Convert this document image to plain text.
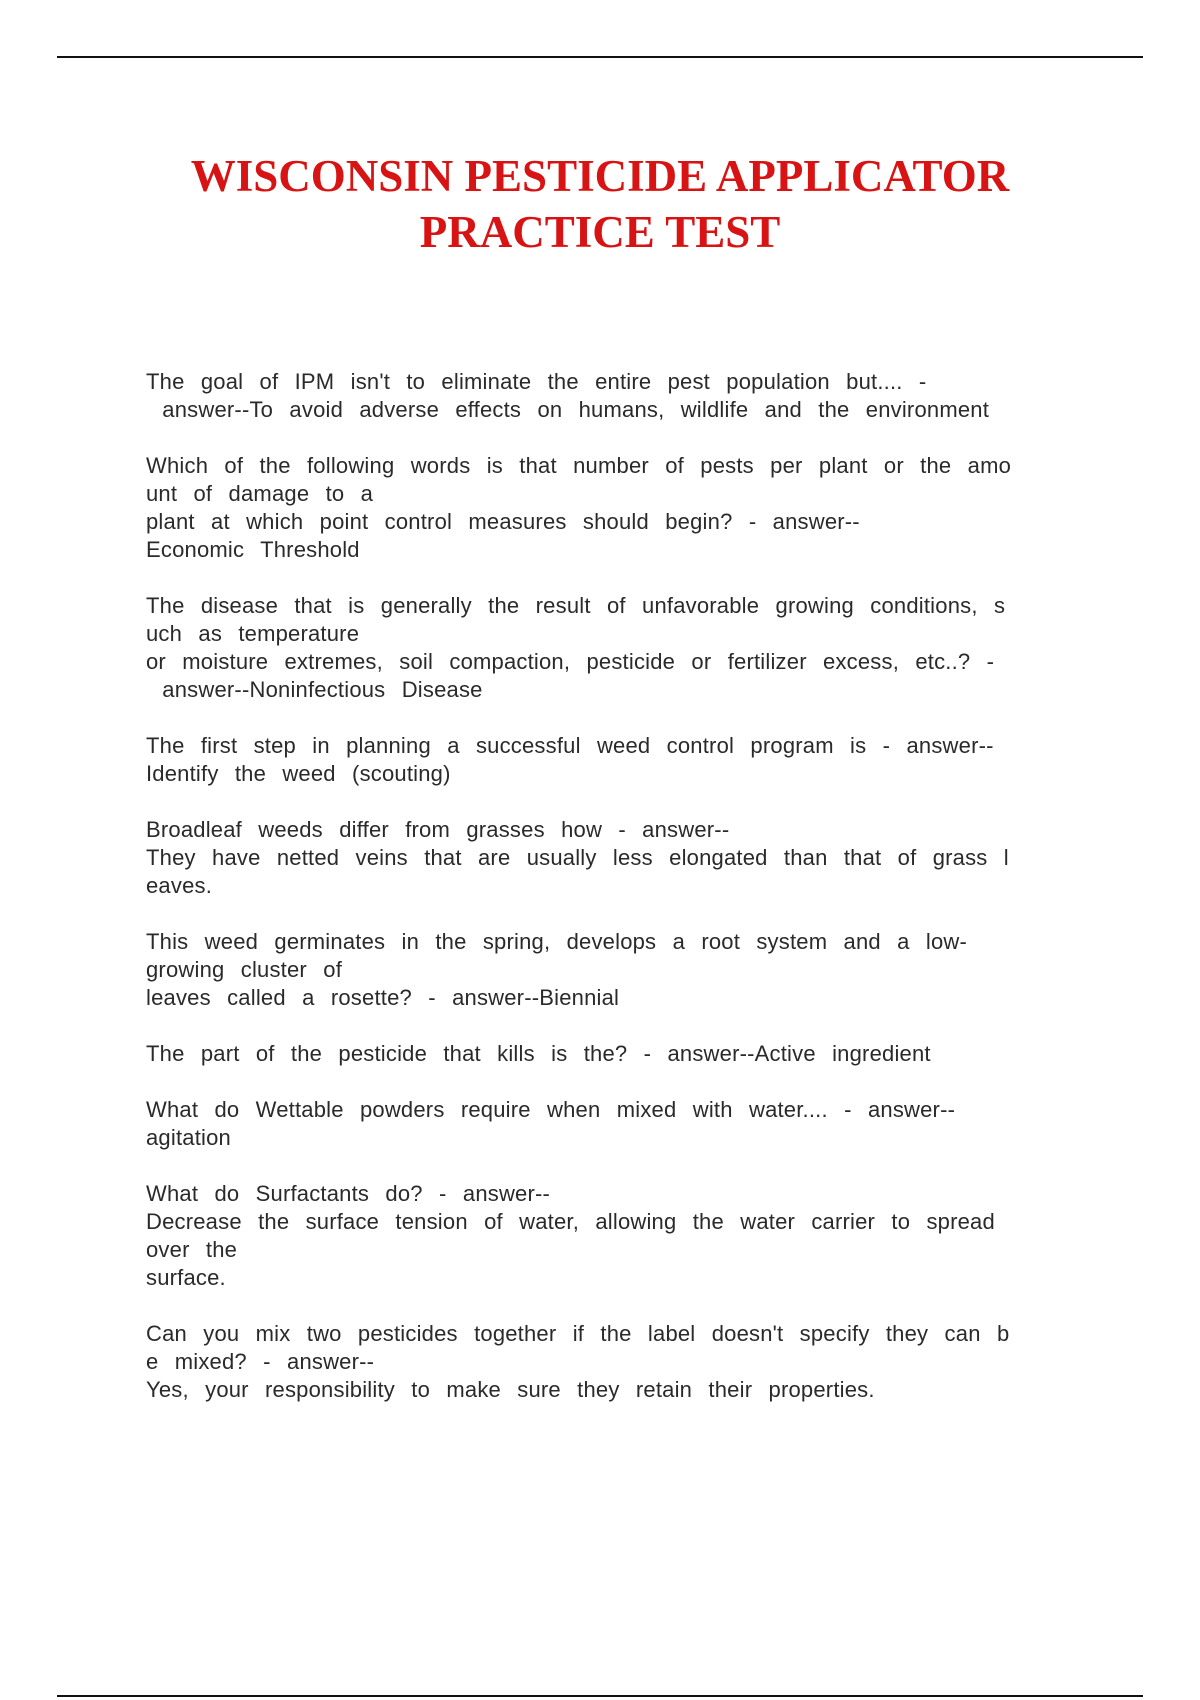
WISCONSIN PESTICIDE APPLICATOR
PRACTICE TEST
The goal of IPM isn't to eliminate the entire pest population but.... -
answer--To avoid adverse effects on humans, wildlife and the environment
Which of the following words is that number of pests per plant or the amo
unt of damage to a
plant at which point control measures should begin? - answer--
Economic Threshold
The disease that is generally the result of unfavorable growing conditions, s
uch as temperature
or moisture extremes, soil compaction, pesticide or fertilizer excess, etc..? -
answer--Noninfectious Disease
The first step in planning a successful weed control program is - answer--
Identify the weed (scouting)
Broadleaf weeds differ from grasses how - answer--
They have netted veins that are usually less elongated than that of grass l
eaves.
This weed germinates in the spring, develops a root system and a low-
growing cluster of
leaves called a rosette? - answer--Biennial
The part of the pesticide that kills is the? - answer--Active ingredient
What do Wettable powders require when mixed with water.... - answer--
agitation
What do Surfactants do? - answer--
Decrease the surface tension of water, allowing the water carrier to spread
over the
surface.
Can you mix two pesticides together if the label doesn't specify they can b
e mixed? - answer--
Yes, your responsibility to make sure they retain their properties.
